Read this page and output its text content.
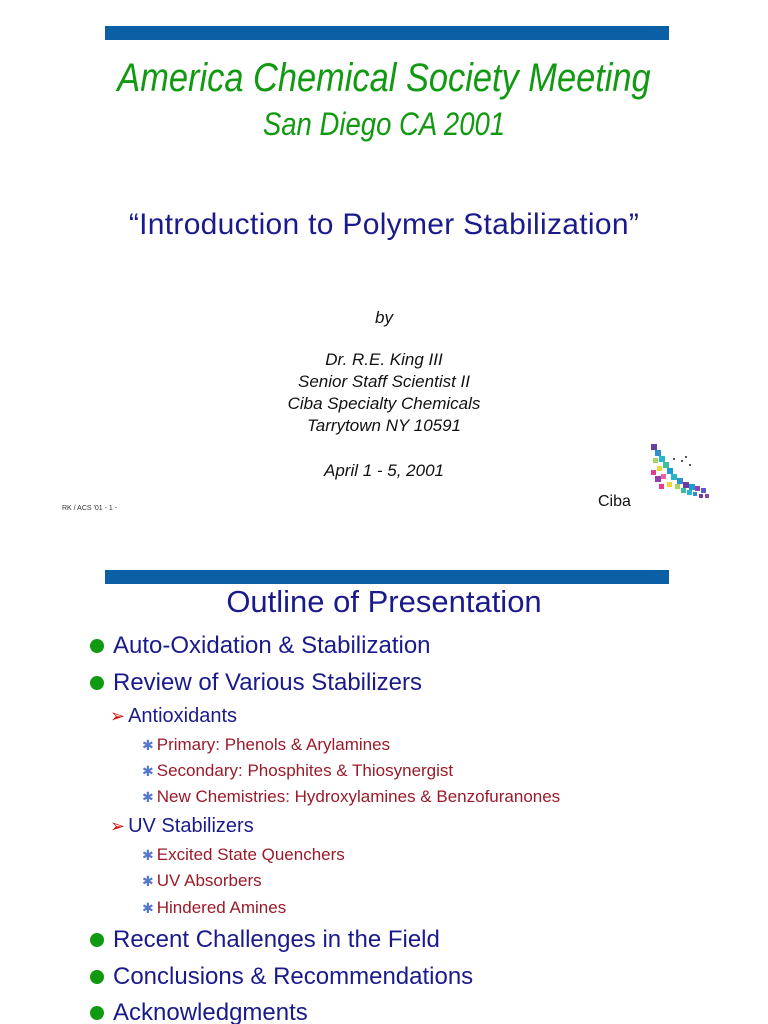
America Chemical Society Meeting
San Diego CA 2001
“Introduction to Polymer Stabilization”
by
Dr. R.E. King III
Senior Staff Scientist II
Ciba Specialty Chemicals
Tarrytown NY 10591
April 1 - 5, 2001
RK / ACS '01 - 1 -	Ciba
Outline of Presentation
Auto-Oxidation & Stabilization
Review of Various Stabilizers
➢ Antioxidants
✱ Primary: Phenols & Arylamines
✱ Secondary: Phosphites & Thiosynergist
✱ New Chemistries: Hydroxylamines & Benzofuranones
➢ UV Stabilizers
✱ Excited State Quenchers
✱ UV Absorbers
✱ Hindered Amines
Recent Challenges in the Field
Conclusions & Recommendations
Acknowledgments
